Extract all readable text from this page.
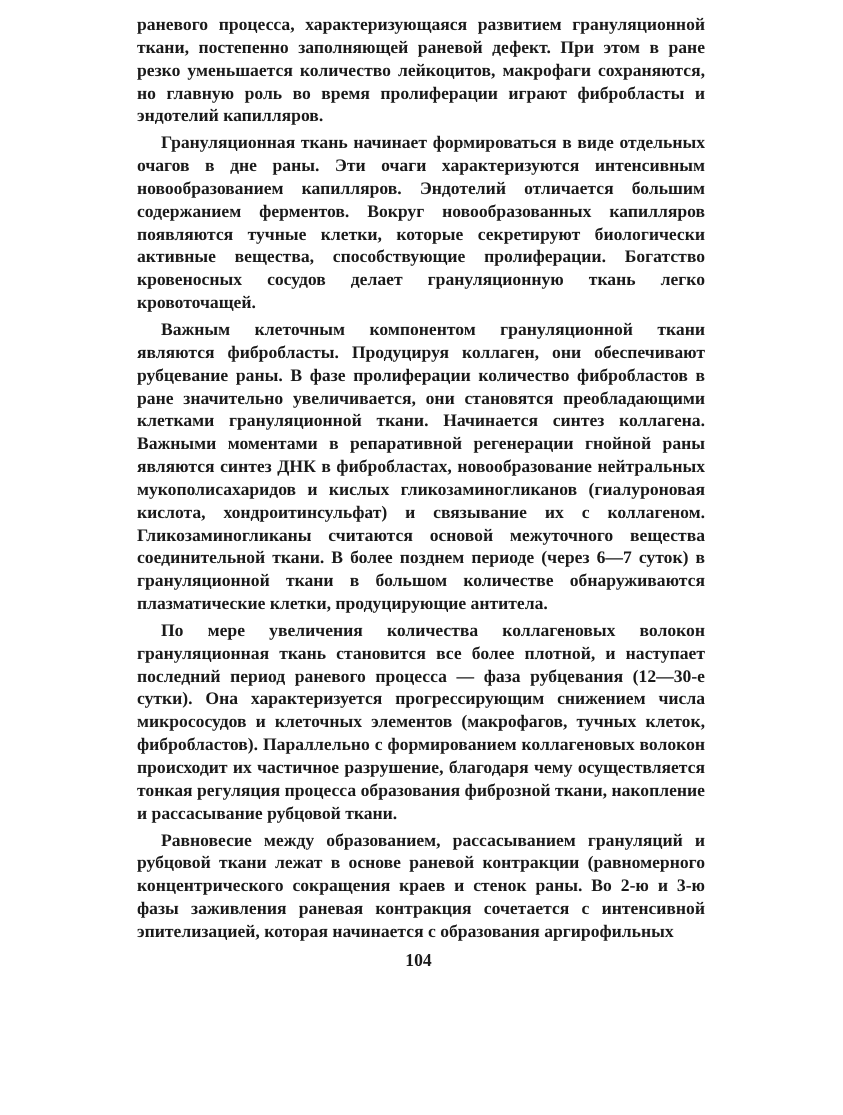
раневого процесса, характеризующаяся развитием грануляционной ткани, постепенно заполняющей раневой дефект. При этом в ране резко уменьшается количество лейкоцитов, макрофаги сохраняются, но главную роль во время пролиферации играют фибробласты и эндотелий капилляров.

Грануляционная ткань начинает формироваться в виде отдельных очагов в дне раны. Эти очаги характеризуются интенсивным новообразованием капилляров. Эндотелий отличается большим содержанием ферментов. Вокруг новообразованных капилляров появляются тучные клетки, которые секретируют биологически активные вещества, способствующие пролиферации. Богатство кровеносных сосудов делает грануляционную ткань легко кровоточащей.

Важным клеточным компонентом грануляционной ткани являются фибробласты. Продуцируя коллаген, они обеспечивают рубцевание раны. В фазе пролиферации количество фибробластов в ране значительно увеличивается, они становятся преобладающими клетками грануляционной ткани. Начинается синтез коллагена. Важными моментами в репаративной регенерации гнойной раны являются синтез ДНК в фибробластах, новообразование нейтральных мукополисахаридов и кислых гликозаминогликанов (гиалуроновая кислота, хондроитинсульфат) и связывание их с коллагеном. Гликозаминогликаны считаются основой межуточного вещества соединительной ткани. В более позднем периоде (через 6—7 суток) в грануляционной ткани в большом количестве обнаруживаются плазматические клетки, продуцирующие антитела.

По мере увеличения количества коллагеновых волокон грануляционная ткань становится все более плотной, и наступает последний период раневого процесса — фаза рубцевания (12—30-е сутки). Она характеризуется прогрессирующим снижением числа микрососудов и клеточных элементов (макрофагов, тучных клеток, фибробластов). Параллельно с формированием коллагеновых волокон происходит их частичное разрушение, благодаря чему осуществляется тонкая регуляция процесса образования фиброзной ткани, накопление и рассасывание рубцовой ткани.

Равновесие между образованием, рассасыванием грануляций и рубцовой ткани лежат в основе раневой контракции (равномерного концентрического сокращения краев и стенок раны. Во 2-ю и 3-ю фазы заживления раневая контракция сочетается с интенсивной эпителизацией, которая начинается с образования аргирофильных

104
